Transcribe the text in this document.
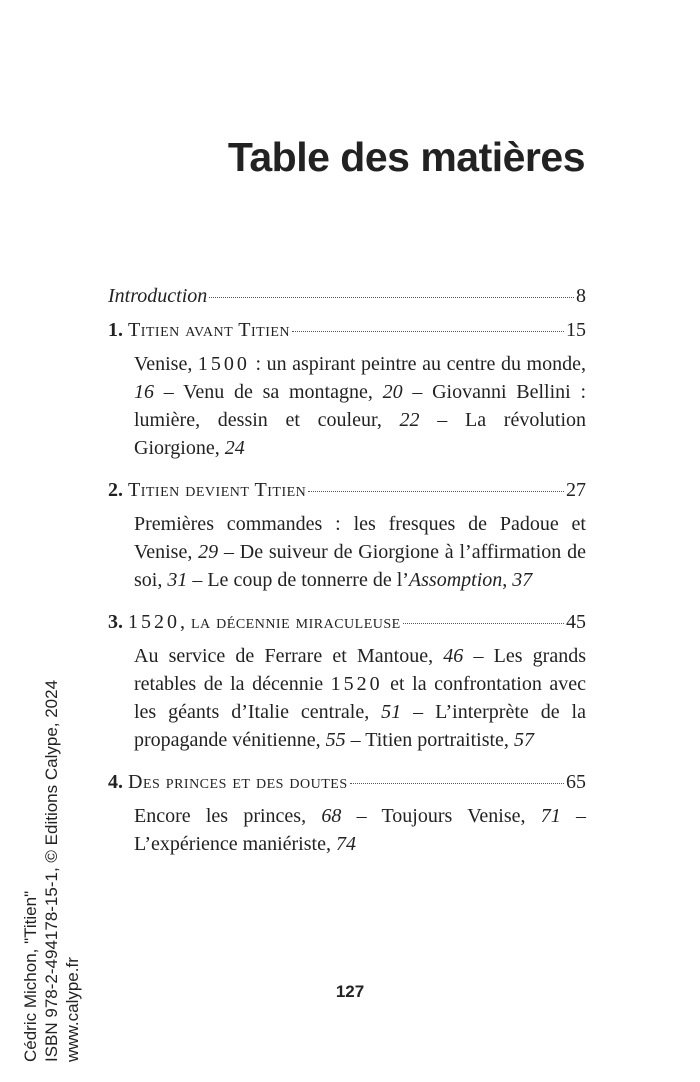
Table des matières
Introduction	8
1. Titien avant Titien	15
Venise, 1500 : un aspirant peintre au centre du monde, 16 – Venu de sa montagne, 20 – Giovanni Bellini : lumière, dessin et couleur, 22 – La révolution Giorgione, 24
2. Titien devient Titien	27
Premières commandes : les fresques de Padoue et Venise, 29 – De suiveur de Giorgione à l’affirmation de soi, 31 – Le coup de tonnerre de l’Assomption, 37
3. 1520, la décennie miraculeuse	45
Au service de Ferrare et Mantoue, 46 – Les grands retables de la décennie 1520 et la confrontation avec les géants d’Italie centrale, 51 – L’interprète de la propagande vénitienne, 55 – Titien portraitiste, 57
4. Des princes et des doutes	65
Encore les princes, 68 – Toujours Venise, 71 – L’expérience maniériste, 74
Cédric Michon, "Titien" ISBN 978-2-494178-15-1, © Editions Calype, 2024 www.calype.fr	127
